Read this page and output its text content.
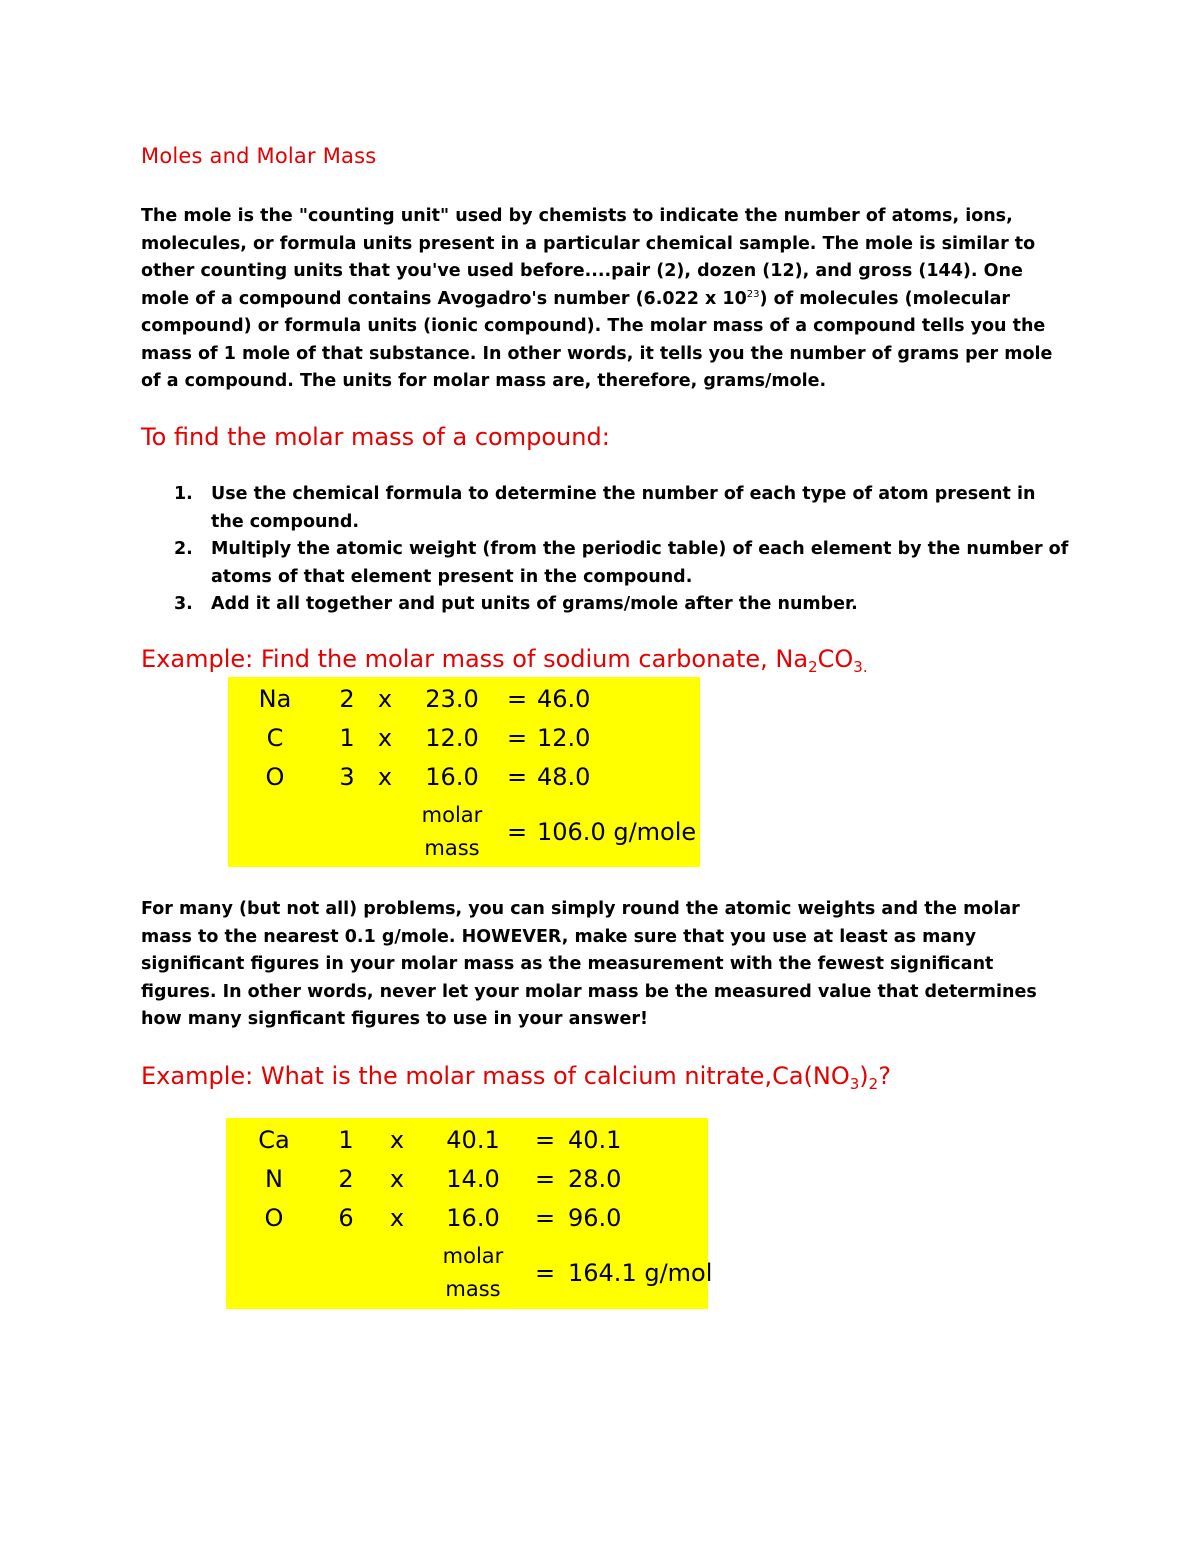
Moles and Molar Mass
The mole is the "counting unit" used by chemists to indicate the number of atoms, ions, molecules, or formula units present in a particular chemical sample. The mole is similar to other counting units that you've used before....pair (2), dozen (12), and gross (144). One mole of a compound contains Avogadro's number (6.022 x $10^{23}$) of molecules (molecular compound) or formula units (ionic compound). The molar mass of a compound tells you the mass of 1 mole of that substance. In other words, it tells you the number of grams per mole of a compound. The units for molar mass are, therefore, grams/mole.
To find the molar mass of a compound:
1. Use the chemical formula to determine the number of each type of atom present in the compound.
2. Multiply the atomic weight (from the periodic table) of each element by the number of atoms of that element present in the compound.
3. Add it all together and put units of grams/mole after the number.
Example: Find the molar mass of sodium carbonate, $Na_2CO_{3.}$
Na 2 x 23.0 = 46.0
C 1 x 12.0 = 12.0
O 3 x 16.0 = 48.0
molar
mass
= 106.0 g/mole
For many (but not all) problems, you can simply round the atomic weights and the molar mass to the nearest 0.1 g/mole. HOWEVER, make sure that you use at least as many significant figures in your molar mass as the measurement with the fewest significant figures. In other words, never let your molar mass be the measured value that determines how many signficant figures to use in your answer!
Example: What is the molar mass of calcium $nitrate,Ca(NO_3)_2$?
Ca 1 x 40.1 = 40.1
N 2 x 14.0 = 28.0
O 6 x 16.0 = 96.0
molar
mass
= 164.1 g/mol
